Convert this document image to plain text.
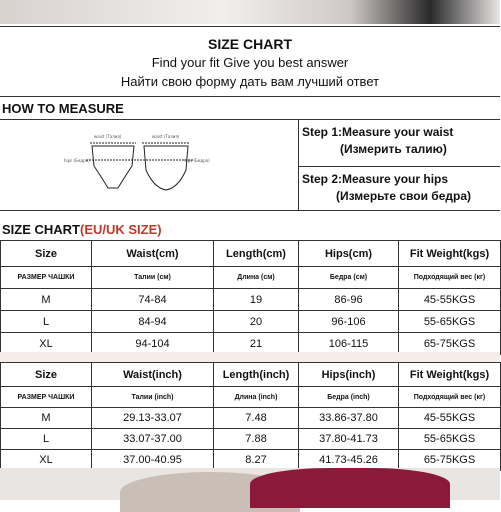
SIZE CHART
Find your fit Give you best answer
Найти свою форму дать вам лучший ответ
HOW TO MEASURE
waist (Талия)
hips (Бедра)
waist (Талия)
hips (Бедра)
Step 1:Measure your waist
(Измерить талию)
Step 2:Measure your hips
(Измерьте свои бедра)
SIZE CHART(EU/UK SIZE)
Size	Waist(cm)	Length(cm)	Hips(cm)	Fit Weight(kgs)
РАЗМЕР ЧАШКИ	Талии (см)	Длина (см)	Бедра (см)	Подходящий вес (кг)
M	74-84	19	86-96	45-55KGS
L	84-94	20	96-106	55-65KGS
XL	94-104	21	106-115	65-75KGS
Size	Waist(inch)	Length(inch)	Hips(inch)	Fit Weight(kgs)
РАЗМЕР ЧАШКИ	Талии (inch)	Длина (inch)	Бедра (inch)	Подходящий вес (кг)
M	29.13-33.07	7.48	33.86-37.80	45-55KGS
L	33.07-37.00	7.88	37.80-41.73	55-65KGS
XL	37.00-40.95	8.27	41.73-45.26	65-75KGS
